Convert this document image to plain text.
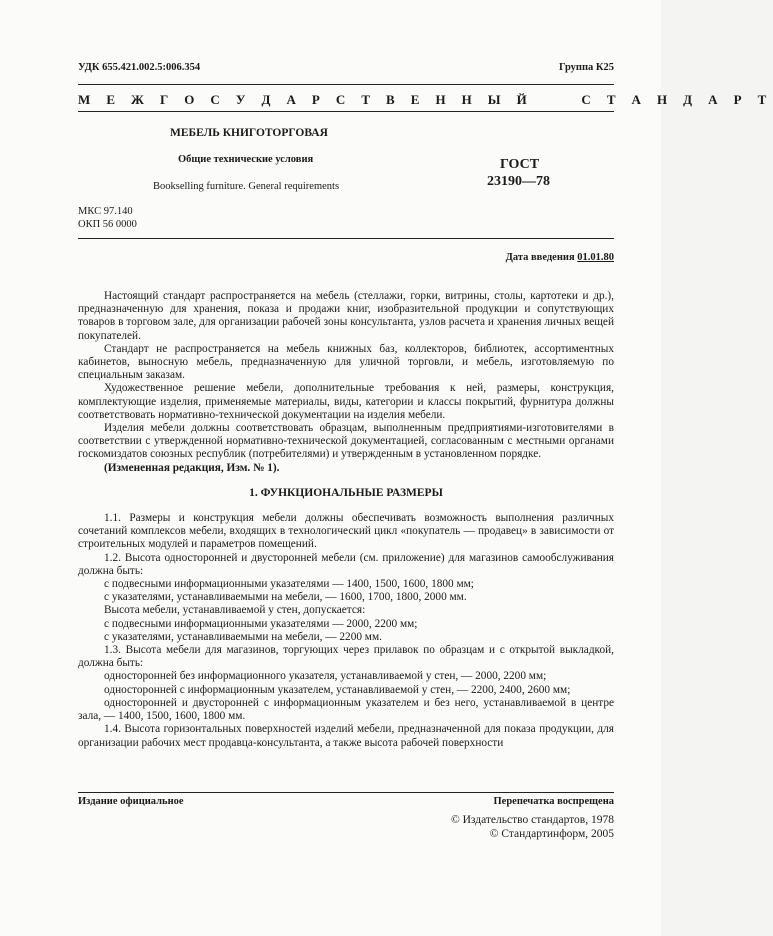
УДК 655.421.002.5:006.354	Группа К25
М Е Ж Г О С У Д А Р С Т В Е Н Н Ы Й     С Т А Н Д А Р Т
МЕБЕЛЬ КНИГОТОРГОВАЯ
Общие технические условия
Bookselling furniture. General requirements
ГОСТ
23190—78
МКС 97.140
ОКП 56 0000
Дата введения 01.01.80

Настоящий стандарт распространяется на мебель (стеллажи, горки, витрины, столы, картотеки и др.), предназначенную для хранения, показа и продажи книг, изобразительной продукции и сопутствующих товаров в торговом зале, для организации рабочей зоны консультанта, узлов расчета и хранения личных вещей покупателей.

Стандарт не распространяется на мебель книжных баз, коллекторов, библиотек, ассортиментных кабинетов, выносную мебель, предназначенную для уличной торговли, и мебель, изготовляемую по специальным заказам.

Художественное решение мебели, дополнительные требования к ней, размеры, конструкция, комплектующие изделия, применяемые материалы, виды, категории и классы покрытий, фурнитура должны соответствовать нормативно-технической документации на изделия мебели.

Изделия мебели должны соответствовать образцам, выполненным предприятиями-изготовителями в соответствии с утвержденной нормативно-технической документацией, согласованным с местными органами госкомиздатов союзных республик (потребителями) и утвержденным в установленном порядке.

(Измененная редакция, Изм. № 1).

1. ФУНКЦИОНАЛЬНЫЕ РАЗМЕРЫ

1.1. Размеры и конструкция мебели должны обеспечивать возможность выполнения различных сочетаний комплексов мебели, входящих в технологический цикл «покупатель — продавец» в зависимости от строительных модулей и параметров помещений.

1.2. Высота односторонней и двусторонней мебели (см. приложение) для магазинов самообслуживания должна быть:

с подвесными информационными указателями — 1400, 1500, 1600, 1800 мм;

с указателями, устанавливаемыми на мебели, — 1600, 1700, 1800, 2000 мм.

Высота мебели, устанавливаемой у стен, допускается:

с подвесными информационными указателями — 2000, 2200 мм;

с указателями, устанавливаемыми на мебели, — 2200 мм.

1.3. Высота мебели для магазинов, торгующих через прилавок по образцам и с открытой выкладкой, должна быть:

односторонней без информационного указателя, устанавливаемой у стен, — 2000, 2200 мм;

односторонней с информационным указателем, устанавливаемой у стен, — 2200, 2400, 2600 мм;

односторонней и двусторонней с информационным указателем и без него, устанавливаемой в центре зала, — 1400, 1500, 1600, 1800 мм.

1.4. Высота горизонтальных поверхностей изделий мебели, предназначенной для показа продукции, для организации рабочих мест продавца-консультанта, а также высота рабочей поверхности

Издание официальное	Перепечатка воспрещена
© Издательство стандартов, 1978
© Стандартинформ, 2005
